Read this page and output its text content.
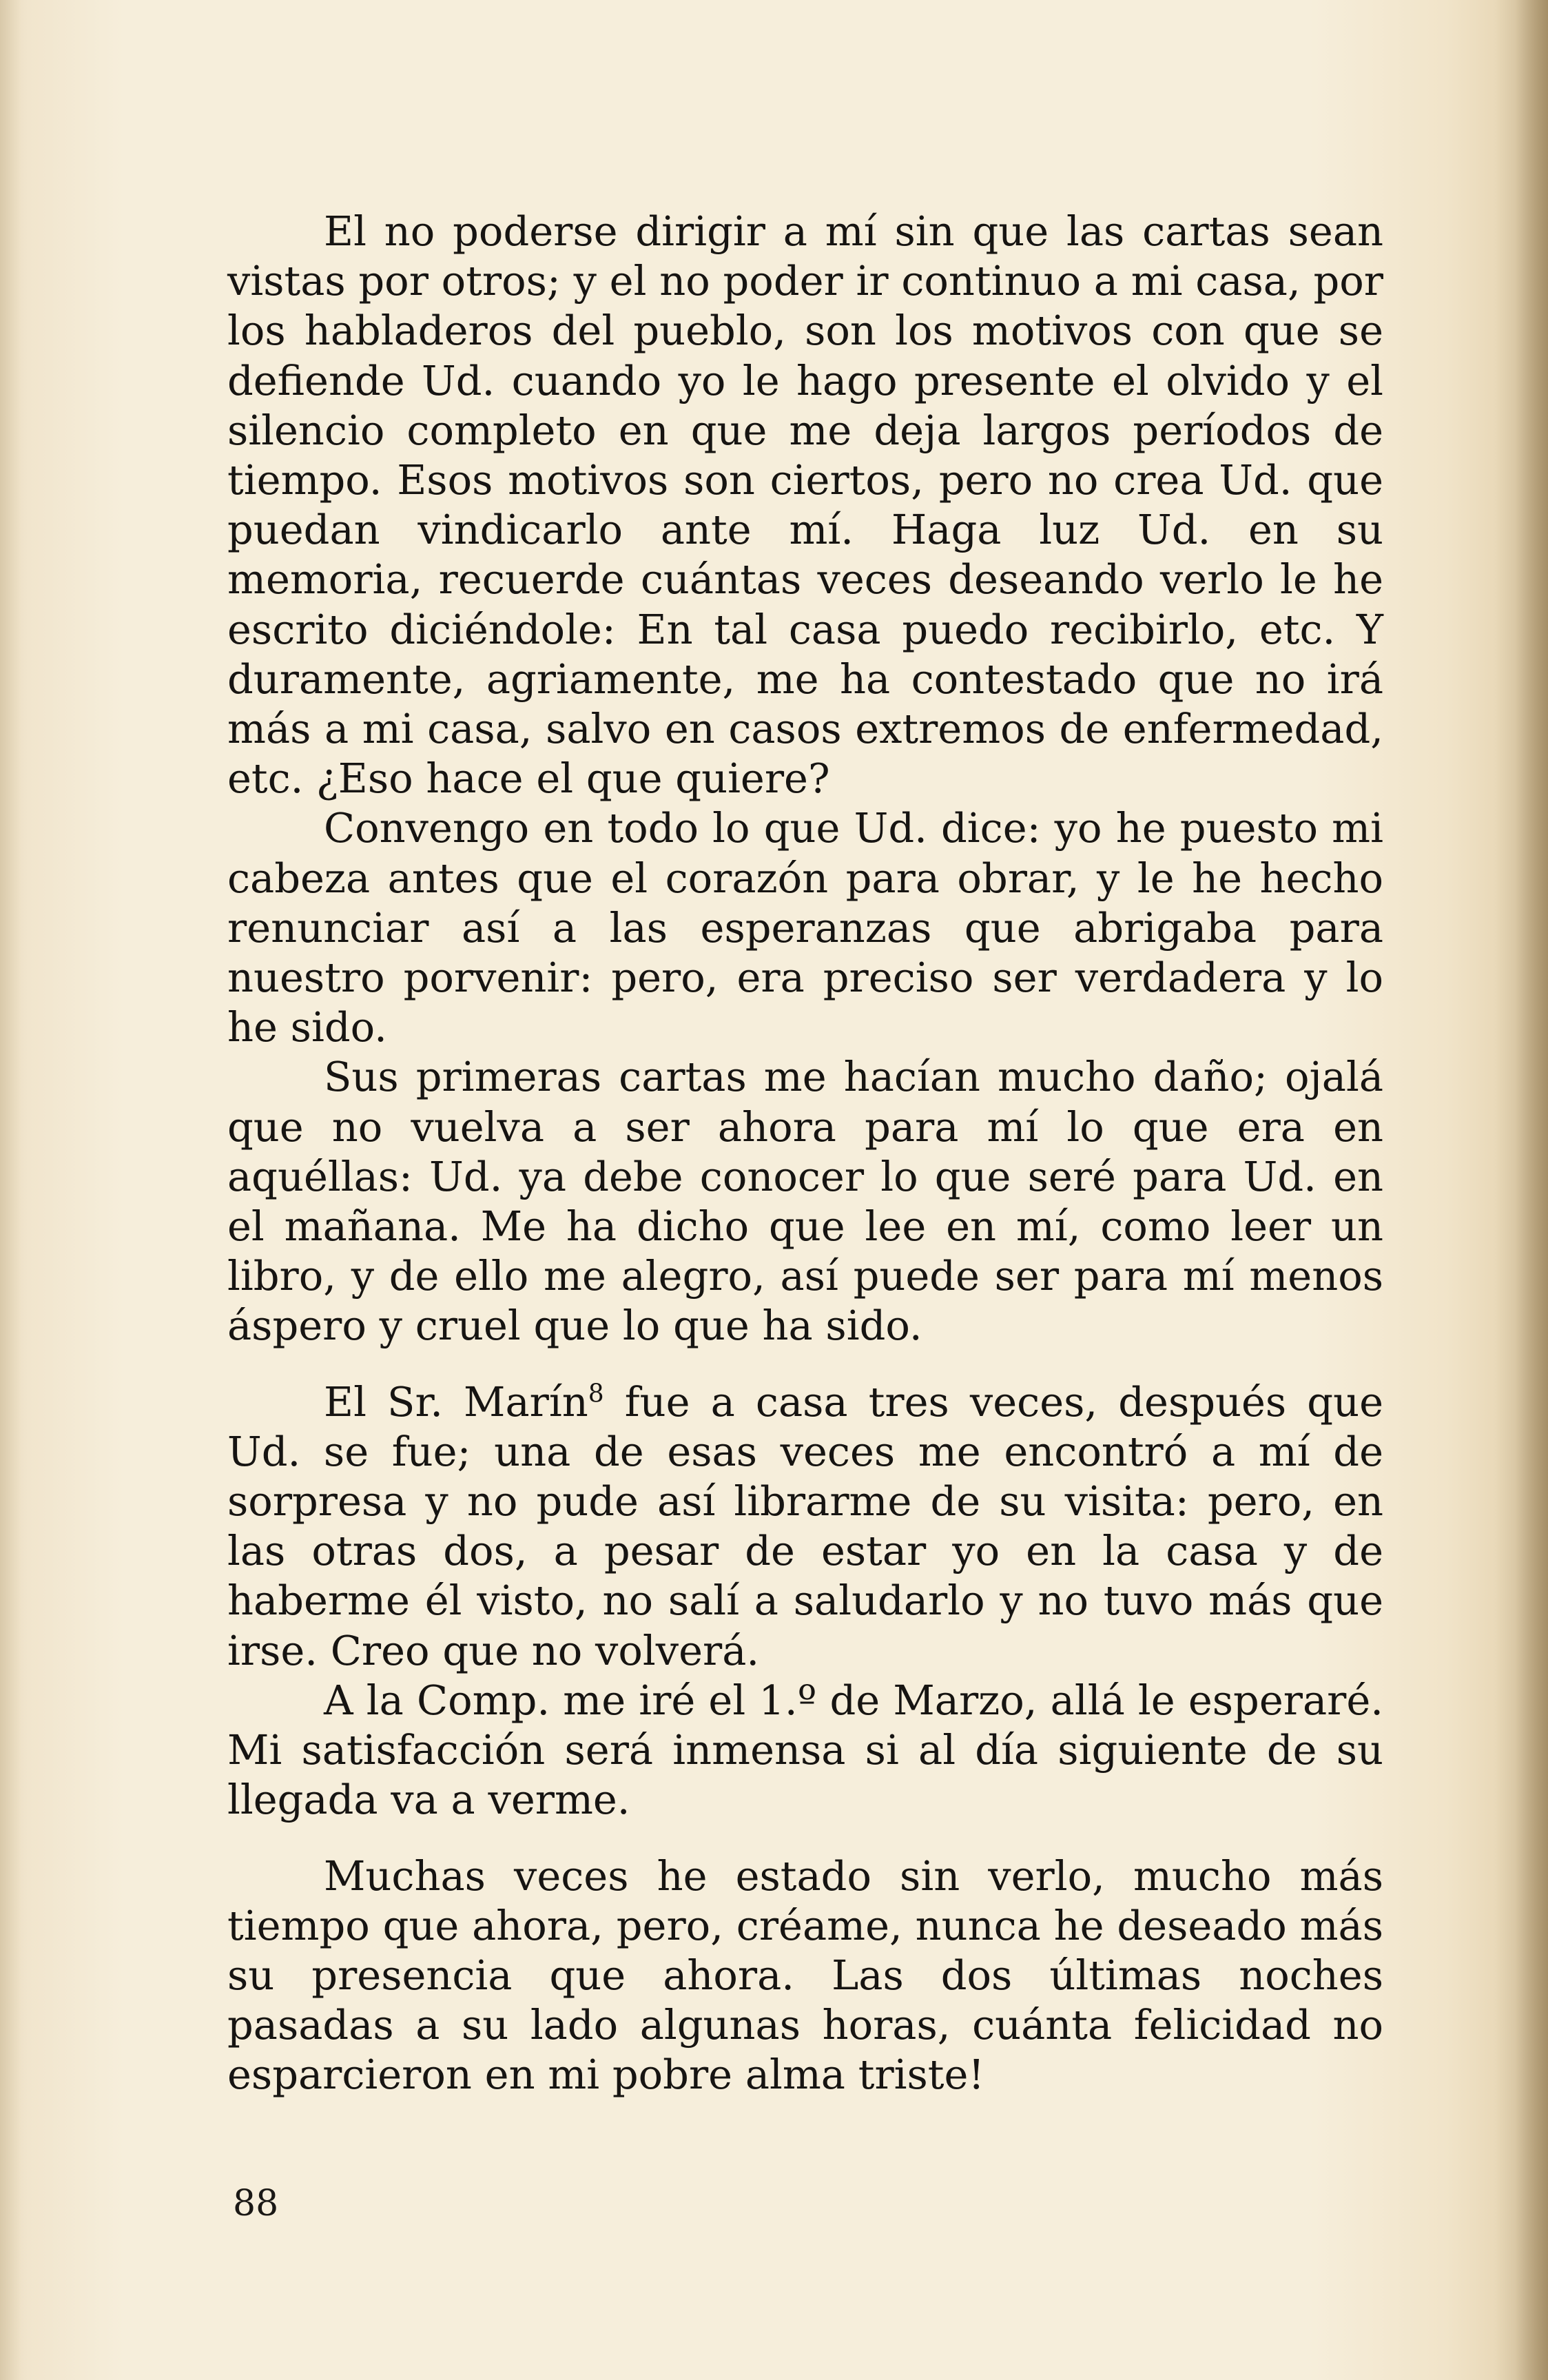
El no poderse dirigir a mí sin que las cartas sean vistas por otros; y el no poder ir continuo a mi casa, por los habladeros del pueblo, son los motivos con que se defiende Ud. cuando yo le hago presente el olvido y el silencio completo en que me deja largos períodos de tiempo. Esos motivos son ciertos, pero no crea Ud. que puedan vindicarlo ante mí. Haga luz Ud. en su memoria, recuerde cuántas veces deseando verlo le he escrito diciéndole: En tal casa puedo recibirlo, etc. Y duramente, agriamente, me ha contestado que no irá más a mi casa, salvo en casos extremos de enfermedad, etc. ¿Eso hace el que quiere?

Convengo en todo lo que Ud. dice: yo he puesto mi cabeza antes que el corazón para obrar, y le he hecho renunciar así a las esperanzas que abrigaba para nuestro porvenir: pero, era preciso ser verdadera y lo he sido.

Sus primeras cartas me hacían mucho daño; ojalá que no vuelva a ser ahora para mí lo que era en aquéllas: Ud. ya debe conocer lo que seré para Ud. en el mañana. Me ha dicho que lee en mí, como leer un libro, y de ello me alegro, así puede ser para mí menos áspero y cruel que lo que ha sido.

El Sr. Marín$^8$ fue a casa tres veces, después que Ud. se fue; una de esas veces me encontró a mí de sorpresa y no pude así librarme de su visita: pero, en las otras dos, a pesar de estar yo en la casa y de haberme él visto, no salí a saludarlo y no tuvo más que irse. Creo que no volverá.

A la Comp. me iré el 1.º de Marzo, allá le esperaré. Mi satisfacción será inmensa si al día siguiente de su llegada va a verme.

Muchas veces he estado sin verlo, mucho más tiempo que ahora, pero, créame, nunca he deseado más su presencia que ahora. Las dos últimas noches pasadas a su lado algunas horas, cuánta felicidad no esparcieron en mi pobre alma triste!

88
